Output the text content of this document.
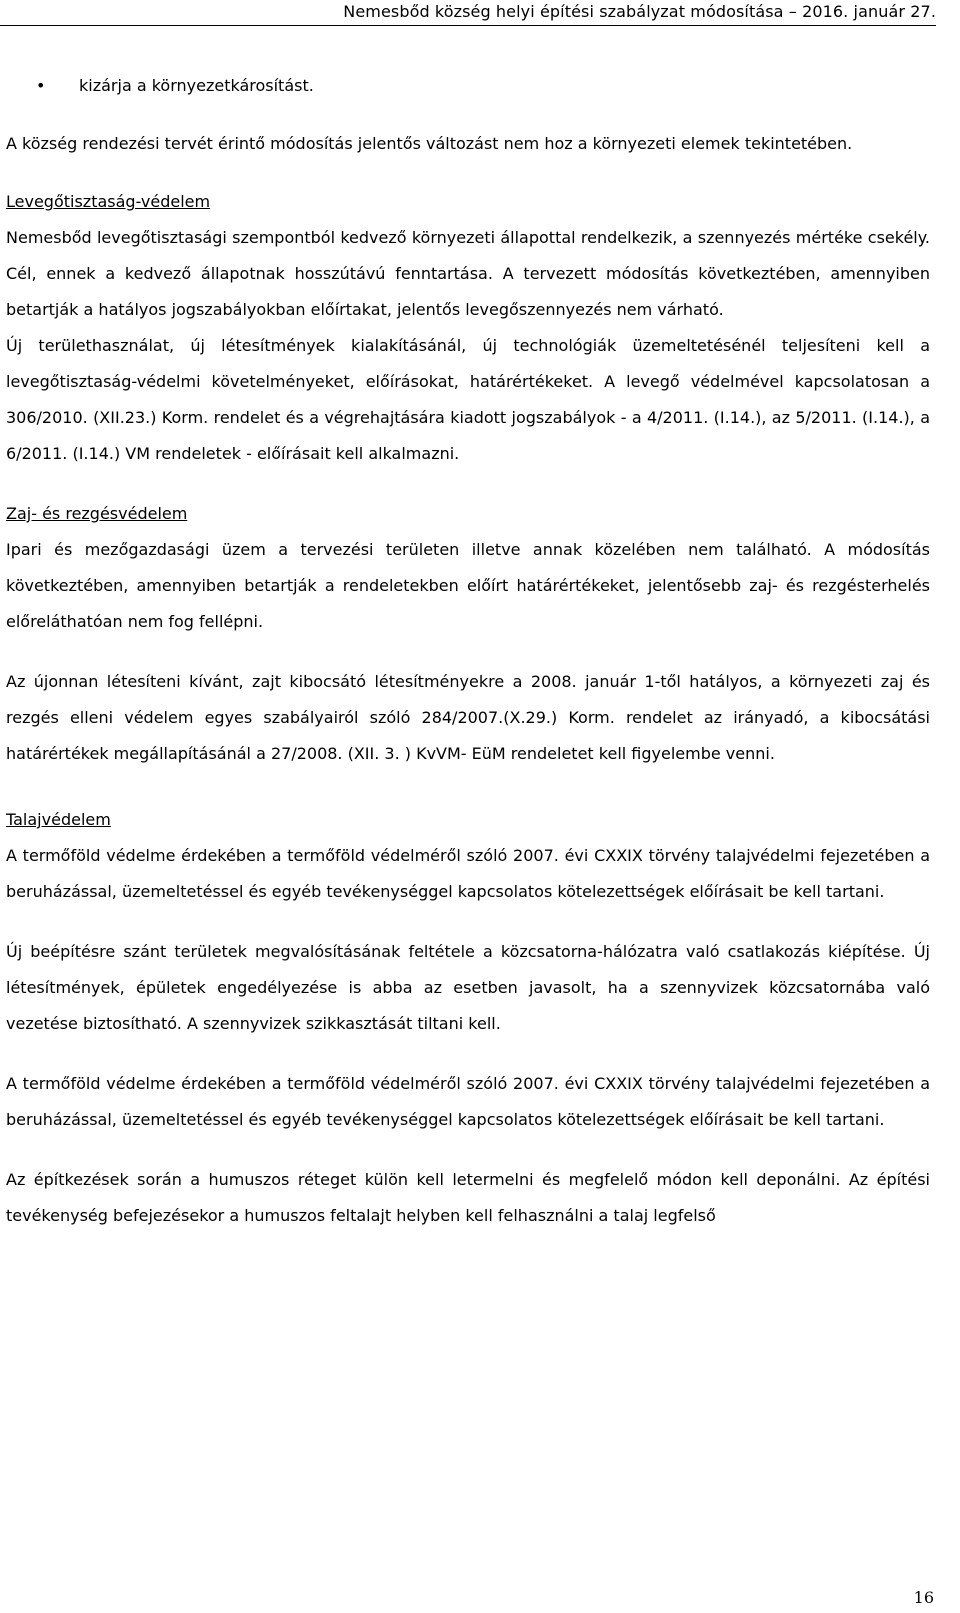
Nemesbőd község helyi építési szabályzat módosítása – 2016. január 27.
• kizárja a környezetkárosítást.

A község rendezési tervét érintő módosítás jelentős változást nem hoz a környezeti elemek tekintetében.

Levegőtisztaság-védelem

Nemesbőd levegőtisztasági szempontból kedvező környezeti állapottal rendelkezik, a szennyezés mértéke csekély. Cél, ennek a kedvező állapotnak hosszútávú fenntartása. A tervezett módosítás következtében, amennyiben betartják a hatályos jogszabályokban előírtakat, jelentős levegőszennyezés nem várható.

Új területhasználat, új létesítmények kialakításánál, új technológiák üzemeltetésénél teljesíteni kell a levegőtisztaság-védelmi követelményeket, előírásokat, határértékeket. A levegő védelmével kapcsolatosan a 306/2010. (XII.23.) Korm. rendelet és a végrehajtására kiadott jogszabályok - a 4/2011. (I.14.), az 5/2011. (I.14.), a 6/2011. (I.14.) VM rendeletek - előírásait kell alkalmazni.

Zaj- és rezgésvédelem

Ipari és mezőgazdasági üzem a tervezési területen illetve annak közelében nem található. A módosítás következtében, amennyiben betartják a rendeletekben előírt határértékeket, jelentősebb zaj- és rezgésterhelés előreláthatóan nem fog fellépni.

Az újonnan létesíteni kívánt, zajt kibocsátó létesítményekre a 2008. január 1-től hatályos, a környezeti zaj és rezgés elleni védelem egyes szabályairól szóló 284/2007.(X.29.) Korm. rendelet az irányadó, a kibocsátási határértékek megállapításánál a 27/2008. (XII. 3. ) KvVM- EüM rendeletet kell figyelembe venni.

Talajvédelem

A termőföld védelme érdekében a termőföld védelméről szóló 2007. évi CXXIX törvény talajvédelmi fejezetében a beruházással, üzemeltetéssel és egyéb tevékenységgel kapcsolatos kötelezettségek előírásait be kell tartani.

Új beépítésre szánt területek megvalósításának feltétele a közcsatorna-hálózatra való csatlakozás kiépítése. Új létesítmények, épületek engedélyezése is abba az esetben javasolt, ha a szennyvizek közcsatornába való vezetése biztosítható. A szennyvizek szikkasztását tiltani kell.

A termőföld védelme érdekében a termőföld védelméről szóló 2007. évi CXXIX törvény talajvédelmi fejezetében a beruházással, üzemeltetéssel és egyéb tevékenységgel kapcsolatos kötelezettségek előírásait be kell tartani.

Az építkezések során a humuszos réteget külön kell letermelni és megfelelő módon kell deponálni. Az építési tevékenység befejezésekor a humuszos feltalajt helyben kell felhasználni a talaj legfelső

16
